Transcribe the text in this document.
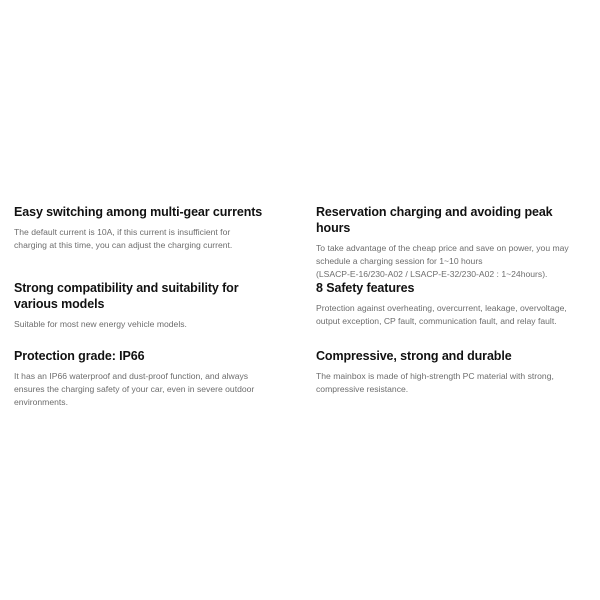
Easy switching among multi-gear currents

The default current is 10A, if this current is insufficient for
charging at this time, you can adjust the charging current.

Reservation charging and avoiding peak hours

To take advantage of the cheap price and save on power, you may
schedule a charging session for 1~10 hours
(LSACP-E-16/230-A02 / LSACP-E-32/230-A02 : 1~24hours).

Strong compatibility and suitability for various models

Suitable for most new energy vehicle models.

8 Safety features

Protection against overheating, overcurrent, leakage, overvoltage,
output exception, CP fault, communication fault, and relay fault.

Protection grade: IP66

It has an IP66 waterproof and dust-proof function, and always
ensures the charging safety of your car, even in severe outdoor
environments.

Compressive, strong and durable

The mainbox is made of high-strength PC material with strong,
compressive resistance.
